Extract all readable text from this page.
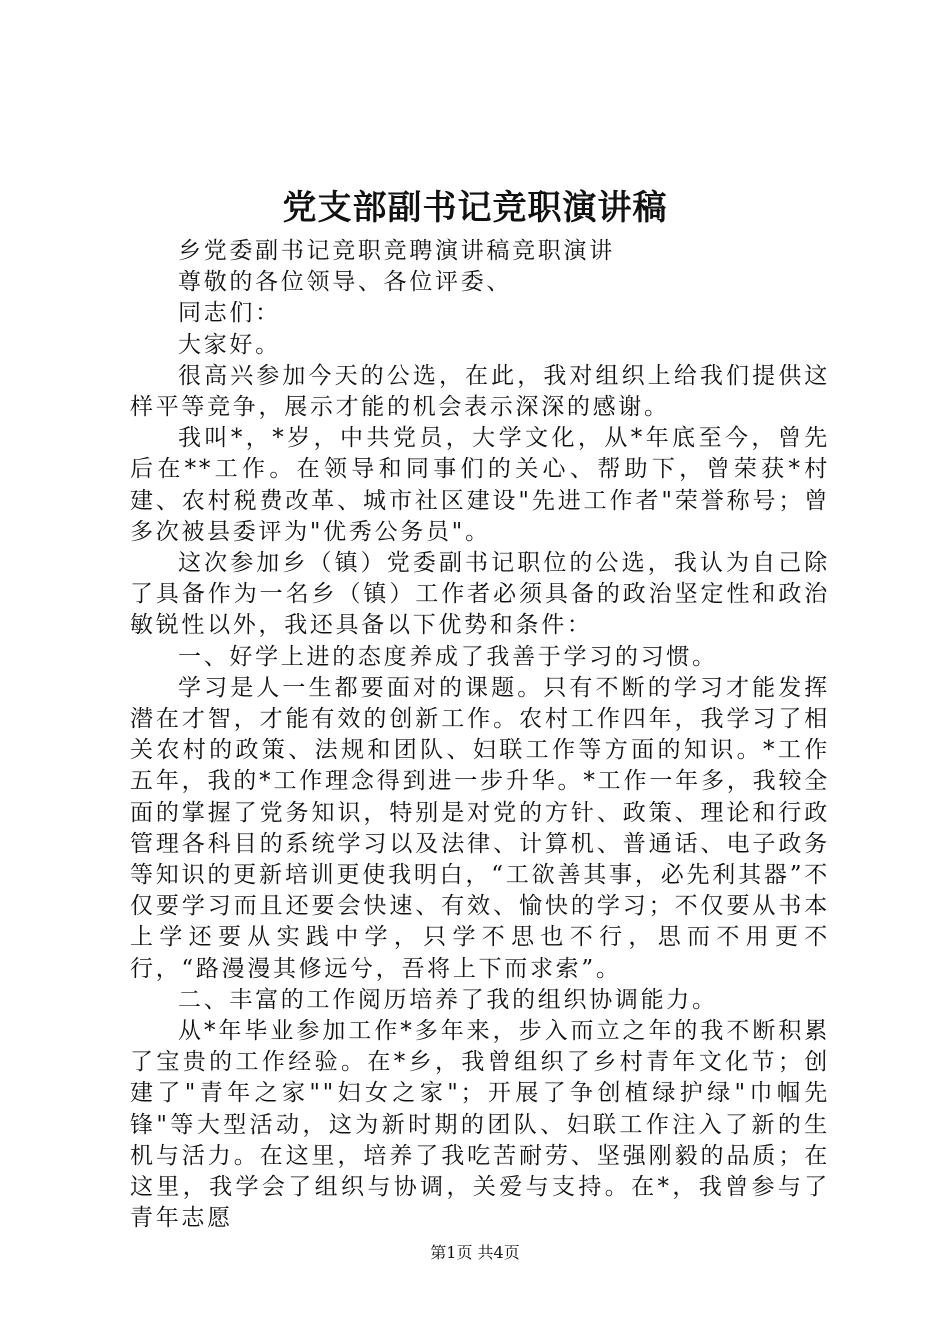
党支部副书记竞职演讲稿

乡党委副书记竞职竞聘演讲稿竞职演讲

尊敬的各位领导、各位评委、

同志们：

大家好。

很高兴参加今天的公选，在此，我对组织上给我们提供这样平等竞争，展示才能的机会表示深深的感谢。

我叫*，*岁，中共党员，大学文化，从*年底至今，曾先后在**工作。在领导和同事们的关心、帮助下，曾荣获*村建、农村税费改革、城市社区建设"先进工作者"荣誉称号；曾多次被县委评为"优秀公务员"。

这次参加乡（镇）党委副书记职位的公选，我认为自己除了具备作为一名乡（镇）工作者必须具备的政治坚定性和政治敏锐性以外，我还具备以下优势和条件：

一、好学上进的态度养成了我善于学习的习惯。

学习是人一生都要面对的课题。只有不断的学习才能发挥潜在才智，才能有效的创新工作。农村工作四年，我学习了相关农村的政策、法规和团队、妇联工作等方面的知识。*工作五年，我的*工作理念得到进一步升华。*工作一年多，我较全面的掌握了党务知识，特别是对党的方针、政策、理论和行政管理各科目的系统学习以及法律、计算机、普通话、电子政务等知识的更新培训更使我明白，“工欲善其事，必先利其器”不仅要学习而且还要会快速、有效、愉快的学习；不仅要从书本上学还要从实践中学，只学不思也不行，思而不用更不行，“路漫漫其修远兮，吾将上下而求索”。

二、丰富的工作阅历培养了我的组织协调能力。

从*年毕业参加工作*多年来，步入而立之年的我不断积累了宝贵的工作经验。在*乡，我曾组织了乡村青年文化节；创建了"青年之家""妇女之家"；开展了争创植绿护绿"巾帼先锋"等大型活动，这为新时期的团队、妇联工作注入了新的生机与活力。在这里，培养了我吃苦耐劳、坚强刚毅的品质；在这里，我学会了组织与协调，关爱与支持。在*，我曾参与了青年志愿

第1页 共4页
